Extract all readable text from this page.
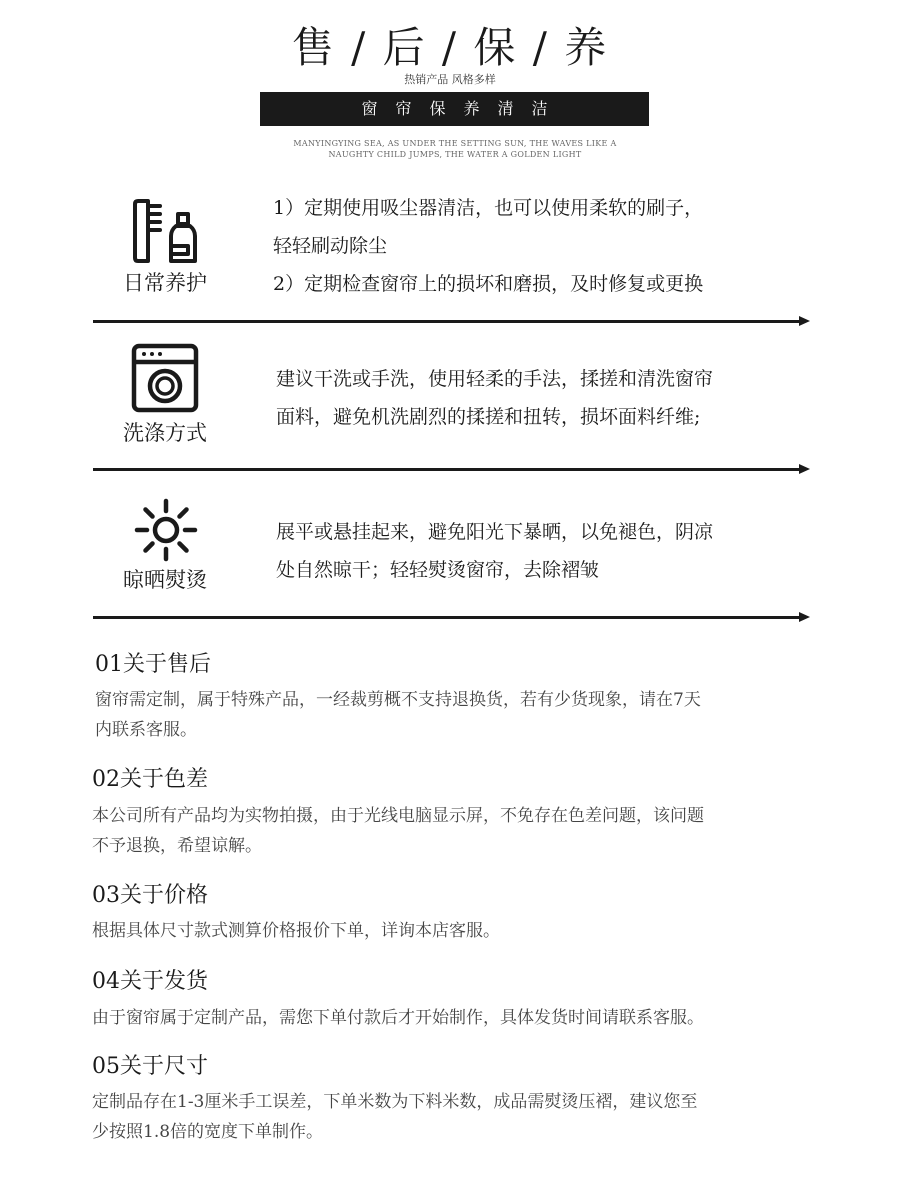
售 / 后 / 保 / 养
热销产品 风格多样
窗帘保养清洁
MANYINGYING SEA, AS UNDER THE SETTING SUN, THE WAVES LIKE A
NAUGHTY CHILD JUMPS, THE WATER A GOLDEN LIGHT
日常养护
1）定期使用吸尘器清洁，也可以使用柔软的刷子，
轻轻刷动除尘
2）定期检查窗帘上的损坏和磨损，及时修复或更换
洗涤方式
建议干洗或手洗，使用轻柔的手法，揉搓和清洗窗帘
面料，避免机洗剧烈的揉搓和扭转，损坏面料纤维;
晾晒熨烫
展平或悬挂起来，避免阳光下暴晒，以免褪色，阴凉
处自然晾干；轻轻熨烫窗帘，去除褶皱
01关于售后
窗帘需定制，属于特殊产品，一经裁剪概不支持退换货，若有少货现象，请在7天
内联系客服。
02关于色差
本公司所有产品均为实物拍摄，由于光线电脑显示屏，不免存在色差问题，该问题
不予退换，希望谅解。
03关于价格
根据具体尺寸款式测算价格报价下单，详询本店客服。
04关于发货
由于窗帘属于定制产品，需您下单付款后才开始制作，具体发货时间请联系客服。
05关于尺寸
定制品存在1-3厘米手工误差，下单米数为下料米数，成品需熨烫压褶，建议您至
少按照1.8倍的宽度下单制作。
